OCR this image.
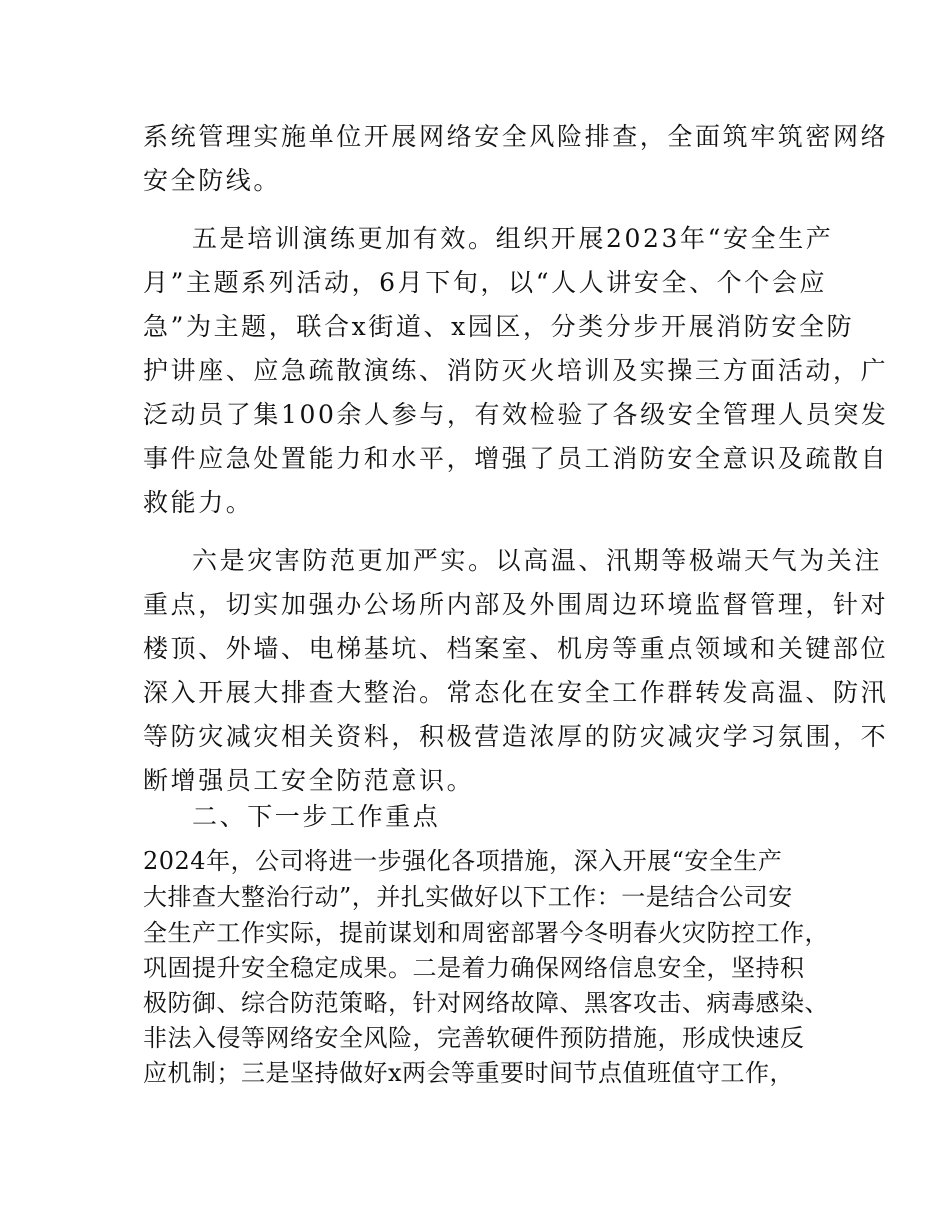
系统管理实施单位开展网络安全风险排查，全面筑牢筑密网络
安全防线。
五是培训演练更加有效。组织开展2023年“安全生产
月”主题系列活动，6月下旬，以“人人讲安全、个个会应
急”为主题，联合x街道、x园区，分类分步开展消防安全防
护讲座、应急疏散演练、消防灭火培训及实操三方面活动，广
泛动员了集100余人参与，有效检验了各级安全管理人员突发
事件应急处置能力和水平，增强了员工消防安全意识及疏散自
救能力。
六是灾害防范更加严实。以高温、汛期等极端天气为关注
重点，切实加强办公场所内部及外围周边环境监督管理，针对
楼顶、外墙、电梯基坑、档案室、机房等重点领域和关键部位
深入开展大排查大整治。常态化在安全工作群转发高温、防汛
等防灾减灾相关资料，积极营造浓厚的防灾减灾学习氛围，不
断增强员工安全防范意识。
二、下一步工作重点
2024年，公司将进一步强化各项措施，深入开展“安全生产
大排查大整治行动”，并扎实做好以下工作：一是结合公司安
全生产工作实际，提前谋划和周密部署今冬明春火灾防控工作，
巩固提升安全稳定成果。二是着力确保网络信息安全，坚持积
极防御、综合防范策略，针对网络故障、黑客攻击、病毒感染、
非法入侵等网络安全风险，完善软硬件预防措施，形成快速反
应机制；三是坚持做好x两会等重要时间节点值班值守工作，
